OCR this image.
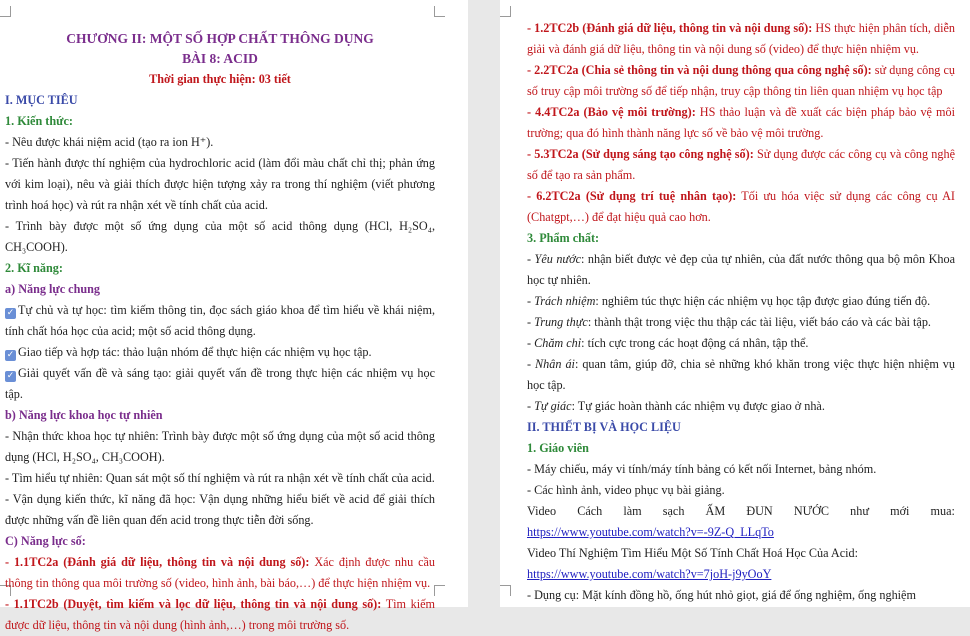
CHƯƠNG II: MỘT SỐ HỢP CHẤT THÔNG DỤNG

BÀI 8: ACID

Thời gian thực hiện: 03 tiết

I. MỤC TIÊU

1. Kiến thức:

- Nêu được khái niệm acid (tạo ra ion H⁺).

- Tiến hành được thí nghiệm của hydrochloric acid (làm đổi màu chất chỉ thị; phản ứng với kim loại), nêu và giải thích được hiện tượng xảy ra trong thí nghiệm (viết phương trình hoá học) và rút ra nhận xét về tính chất của acid.

- Trình bày được một số ứng dụng của một số acid thông dụng (HCl, H₂SO₄, CH₃COOH).

2. Kĩ năng:

a) Năng lực chung

✓ Tự chủ và tự học: tìm kiếm thông tin, đọc sách giáo khoa để tìm hiểu về khái niệm, tính chất hóa học của acid; một số acid thông dụng.

✓ Giao tiếp và hợp tác: thảo luận nhóm để thực hiện các nhiệm vụ học tập.

✓ Giải quyết vấn đề và sáng tạo: giải quyết vấn đề trong thực hiện các nhiệm vụ học tập.

b) Năng lực khoa học tự nhiên

- Nhận thức khoa học tự nhiên: Trình bày được một số ứng dụng của một số acid thông dụng (HCl, H₂SO₄, CH₃COOH).

- Tìm hiểu tự nhiên: Quan sát một số thí nghiệm và rút ra nhận xét về tính chất của acid.

- Vận dụng kiến thức, kĩ năng đã học: Vận dụng những hiểu biết về acid để giải thích được những vấn đề liên quan đến acid trong thực tiễn đời sống.

C) Năng lực số:

- 1.1TC2a (Đánh giá dữ liệu, thông tin và nội dung số): Xác định được nhu cầu thông tin thông qua môi trường số (video, hình ảnh, bài báo,…) để thực hiện nhiệm vụ.

- 1.1TC2b (Duyệt, tìm kiếm và lọc dữ liệu, thông tin và nội dung số): Tìm kiếm được dữ liệu, thông tin và nội dung (hình ảnh,…) trong môi trường số.

- 1.2TC2b (Đánh giá dữ liệu, thông tin và nội dung số): HS thực hiện phân tích, diễn giải và đánh giá dữ liệu, thông tin và nội dung số (video) để thực hiện nhiệm vụ.

- 2.2TC2a (Chia sẻ thông tin và nội dung thông qua công nghệ số): sử dụng công cụ số truy cập môi trường số để tiếp nhận, truy cập thông tin liên quan nhiệm vụ học tập

- 4.4TC2a (Bảo vệ môi trường): HS thảo luận và đề xuất các biện pháp bảo vệ môi trường; qua đó hình thành năng lực số về bảo vệ môi trường.

- 5.3TC2a (Sử dụng sáng tạo công nghệ số): Sử dụng được các công cụ và công nghệ số để tạo ra sản phẩm.

- 6.2TC2a (Sử dụng trí tuệ nhân tạo): Tối ưu hóa việc sử dụng các công cụ AI (Chatgpt,…) để đạt hiệu quả cao hơn.

3. Phẩm chất:

- Yêu nước: nhận biết được vẻ đẹp của tự nhiên, của đất nước thông qua bộ môn Khoa học tự nhiên.

- Trách nhiệm: nghiêm túc thực hiện các nhiệm vụ học tập được giao đúng tiến độ.

- Trung thực: thành thật trong việc thu thập các tài liệu, viết báo cáo và các bài tập.

- Chăm chỉ: tích cực trong các hoạt động cá nhân, tập thể.

- Nhân ái: quan tâm, giúp đỡ, chia sẻ những khó khăn trong việc thực hiện nhiệm vụ học tập.

- Tự giác: Tự giác hoàn thành các nhiệm vụ được giao ở nhà.

II. THIẾT BỊ VÀ HỌC LIỆU

1. Giáo viên

- Máy chiếu, máy vi tính/máy tính bảng có kết nối Internet, bảng nhóm.

- Các hình ảnh, video phục vụ bài giảng.

Video Cách làm sạch ẤM ĐUN NƯỚC như mới mua:

https://www.youtube.com/watch?v=-9Z-Q_LLqTo

Video Thí Nghiệm Tìm Hiểu Một Số Tính Chất Hoá Học Của Acid:

https://www.youtube.com/watch?v=7joH-j9yOoY

- Dụng cụ: Mặt kính đồng hồ, ống hút nhỏ giọt, giá để ống nghiệm, ống nghiệm
